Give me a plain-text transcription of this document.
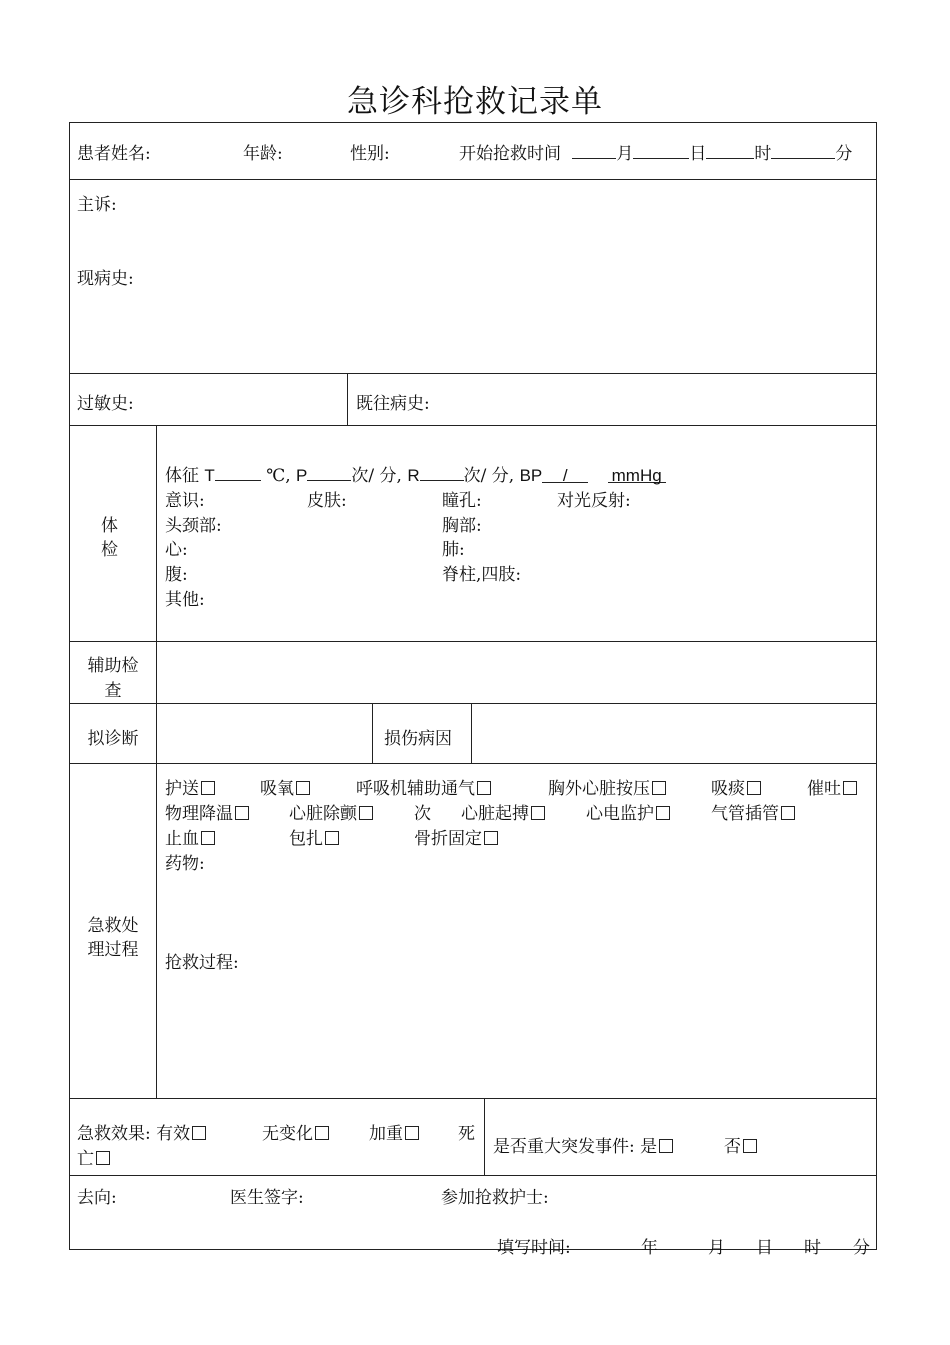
急诊科抢救记录单
患者姓名:	年龄:	性别:	开始抢救时间	月	日	时	分
主诉:
现病史:
过敏史:	既往病史:
体
检
体征 T	℃, P	次/ 分, R	次/ 分, BP /	mmHg
意识:	皮肤:	瞳孔:	对光反射:
头颈部:	胸部:
心:	肺:
腹:	脊柱,四肢:
其他:
辅助检
查
拟诊断	损伤病因
急救处
理过程
护送	吸氧	呼吸机辅助通气	胸外心脏按压	吸痰	催吐
物理降温	心脏除颤	次 心脏起搏	心电监护	气管插管
止血	包扎	骨折固定
药物:
抢救过程:
急救效果: 有效	无变化	加重	死
亡
是否重大突发事件: 是	否
去向:	医生签字:	参加抢救护士:
填写时间:	年	月 日 时 分
